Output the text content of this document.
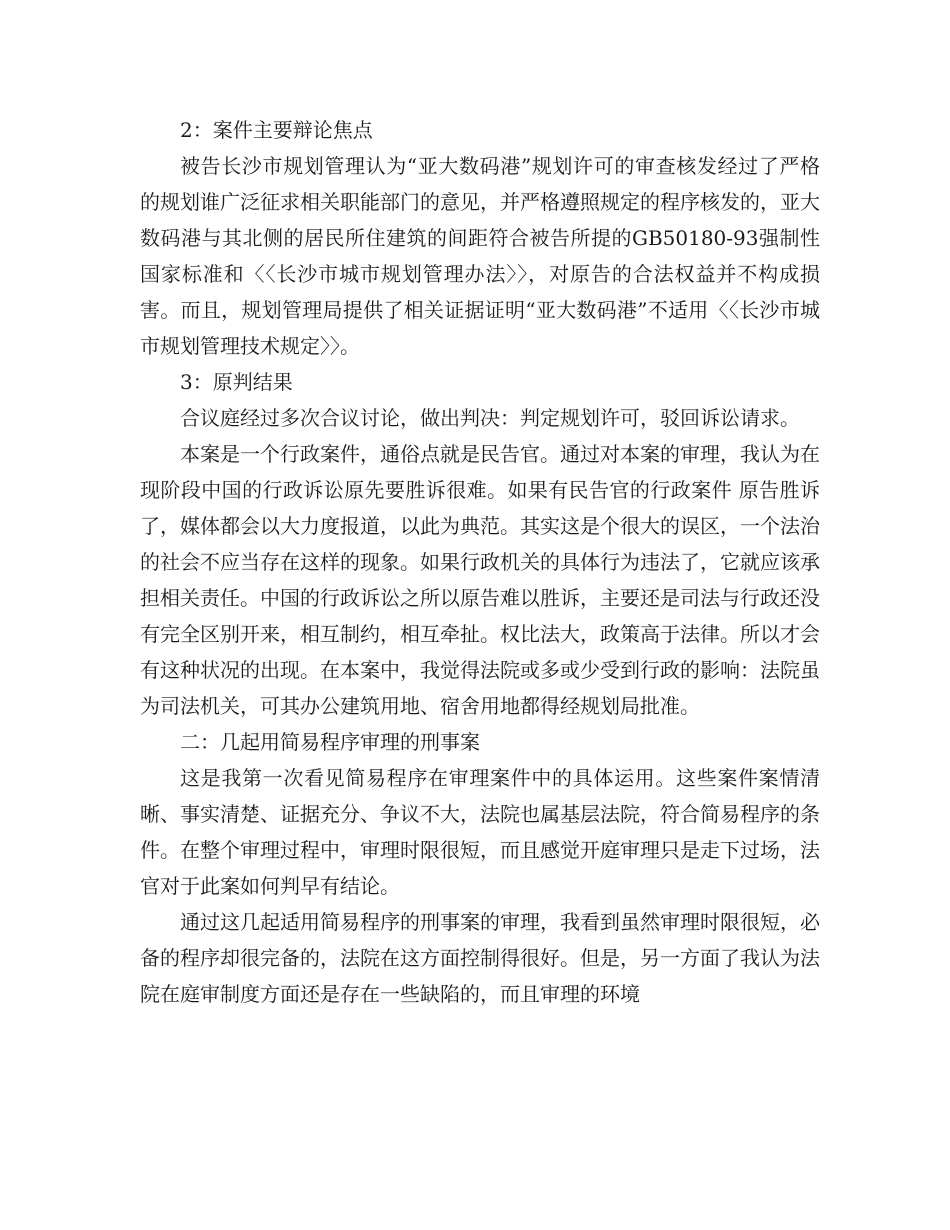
2：案件主要辩论焦点

被告长沙市规划管理认为“亚大数码港”规划许可的审查核发经过了严格的规划谁广泛征求相关职能部门的意见，并严格遵照规定的程序核发的，亚大数码港与其北侧的居民所住建筑的间距符合被告所提的GB50180-93强制性国家标准和〈〈长沙市城市规划管理办法〉〉，对原告的合法权益并不构成损害。而且，规划管理局提供了相关证据证明“亚大数码港”不适用〈〈长沙市城市规划管理技术规定〉〉。

3：原判结果

合议庭经过多次合议讨论，做出判决：判定规划许可，驳回诉讼请求。

本案是一个行政案件，通俗点就是民告官。通过对本案的审理，我认为在现阶段中国的行政诉讼原先要胜诉很难。如果有民告官的行政案件 原告胜诉了，媒体都会以大力度报道，以此为典范。其实这是个很大的误区，一个法治的社会不应当存在这样的现象。如果行政机关的具体行为违法了，它就应该承担相关责任。中国的行政诉讼之所以原告难以胜诉，主要还是司法与行政还没有完全区别开来，相互制约，相互牵扯。权比法大，政策高于法律。所以才会有这种状况的出现。在本案中，我觉得法院或多或少受到行政的影响：法院虽为司法机关，可其办公建筑用地、宿舍用地都得经规划局批准。

二：几起用简易程序审理的刑事案

这是我第一次看见简易程序在审理案件中的具体运用。这些案件案情清晰、事实清楚、证据充分、争议不大，法院也属基层法院，符合简易程序的条件。在整个审理过程中，审理时限很短，而且感觉开庭审理只是走下过场，法官对于此案如何判早有结论。

通过这几起适用简易程序的刑事案的审理，我看到虽然审理时限很短，必备的程序却很完备的，法院在这方面控制得很好。但是，另一方面了我认为法院在庭审制度方面还是存在一些缺陷的，而且审理的环境
